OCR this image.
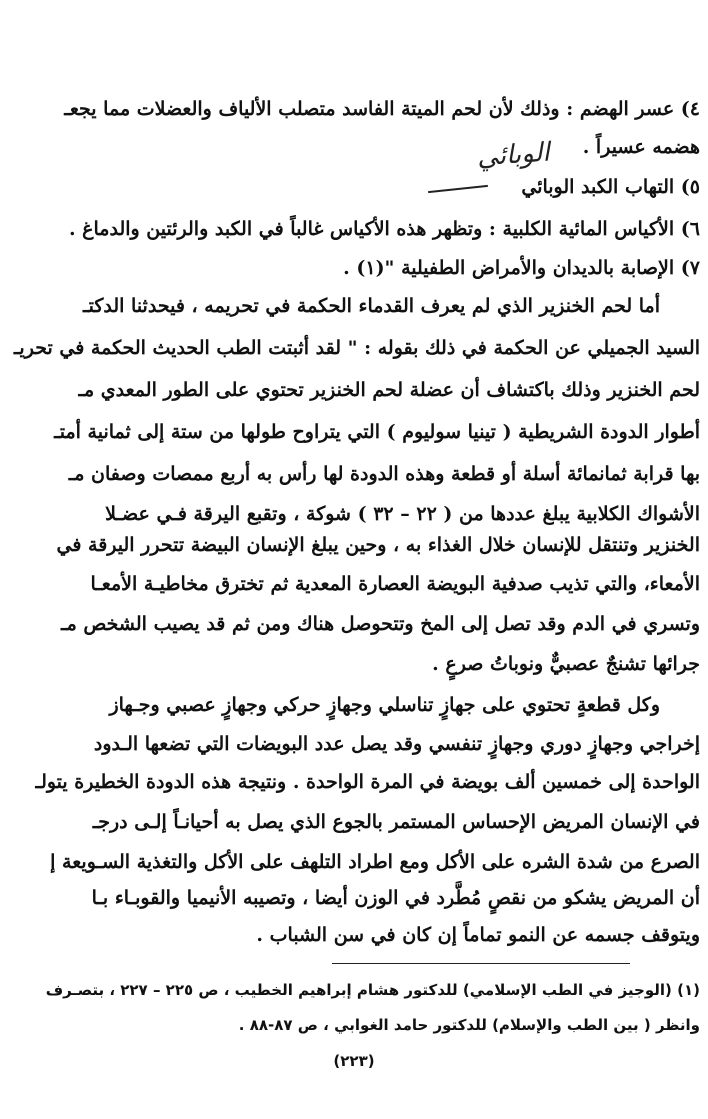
٤) عسر الهضم : وذلك لأن لحم الميتة الفاسد متصلب الألياف والعضلات مما يجعـ
هضمه عسيراً .
الوبائي
٥) التهاب الكبد الوبائي
٦) الأكياس المائية الكلبية : وتظهر هذه الأكياس غالباً في الكبد والرئتين والدماغ .
٧) الإصابة بالديدان والأمراض الطفيلية "(١) .
أما لحم الخنزير الذي لم يعرف القدماء الحكمة في تحريمه ، فيحدثنا الدكتـ
السيد الجميلي عن الحكمة في ذلك بقوله : " لقد أثبتت الطب الحديث الحكمة في تحريـ
لحم الخنزير وذلك باكتشاف أن عضلة لحم الخنزير تحتوي على الطور المعدي مـ
أطوار الدودة الشريطية ( تينيا سوليوم ) التي يتراوح طولها من ستة إلى ثمانية أمتـ
بها قرابة ثمانمائة أسلة أو قطعة وهذه الدودة لها رأس به أربع ممصات وصفان مـ
الأشواك الكلابية يبلغ عددها من ( ٢٢ – ٣٢ ) شوكة ، وتقبع اليرقة فـي عضـلا
الخنزير وتنتقل للإنسان خلال الغذاء به ، وحين يبلغ الإنسان البيضة تتحرر اليرقة في
الأمعاء، والتي تذيب صدفية البويضة العصارة المعدية ثم تخترق مخاطيـة الأمعـا
وتسري في الدم وقد تصل إلى المخ وتتحوصل هناك ومن ثم قد يصيب الشخص مـ
جرائها تشنجٌ عصبيٌّ ونوباتُ صرعٍ .
وكل قطعةٍ تحتوي على جهازٍ تناسلي وجهازٍ حركي وجهازٍ عصبي وجـهاز
إخراجي وجهازٍ دوري وجهازٍ تنفسي وقد يصل عدد البويضات التي تضعها الـدود
الواحدة إلى خمسين ألف بويضة في المرة الواحدة . ونتيجة هذه الدودة الخطيرة يتولـ
في الإنسان المريض الإحساس المستمر بالجوع الذي يصل به أحيانـاً إلـى درجـ
الصرع من شدة الشره على الأكل ومع اطراد التلهف على الأكل والتغذية السـويعة إ
أن المريض يشكو من نقصٍ مُطَّرد في الوزن أيضا ، وتصيبه الأنيميا والقوبـاء بـا
ويتوقف جسمه عن النمو تماماً إن كان في سن الشباب .
(١) (الوجيز في الطب الإسلامي) للدكتور هشام إبراهيم الخطيب ، ص ٢٢٥ – ٢٢٧ ، بتصـرف
وانظر ( بين الطب والإسلام) للدكتور حامد الغوابي ، ص ٨٧-٨٨ .
(٢٢٣)
